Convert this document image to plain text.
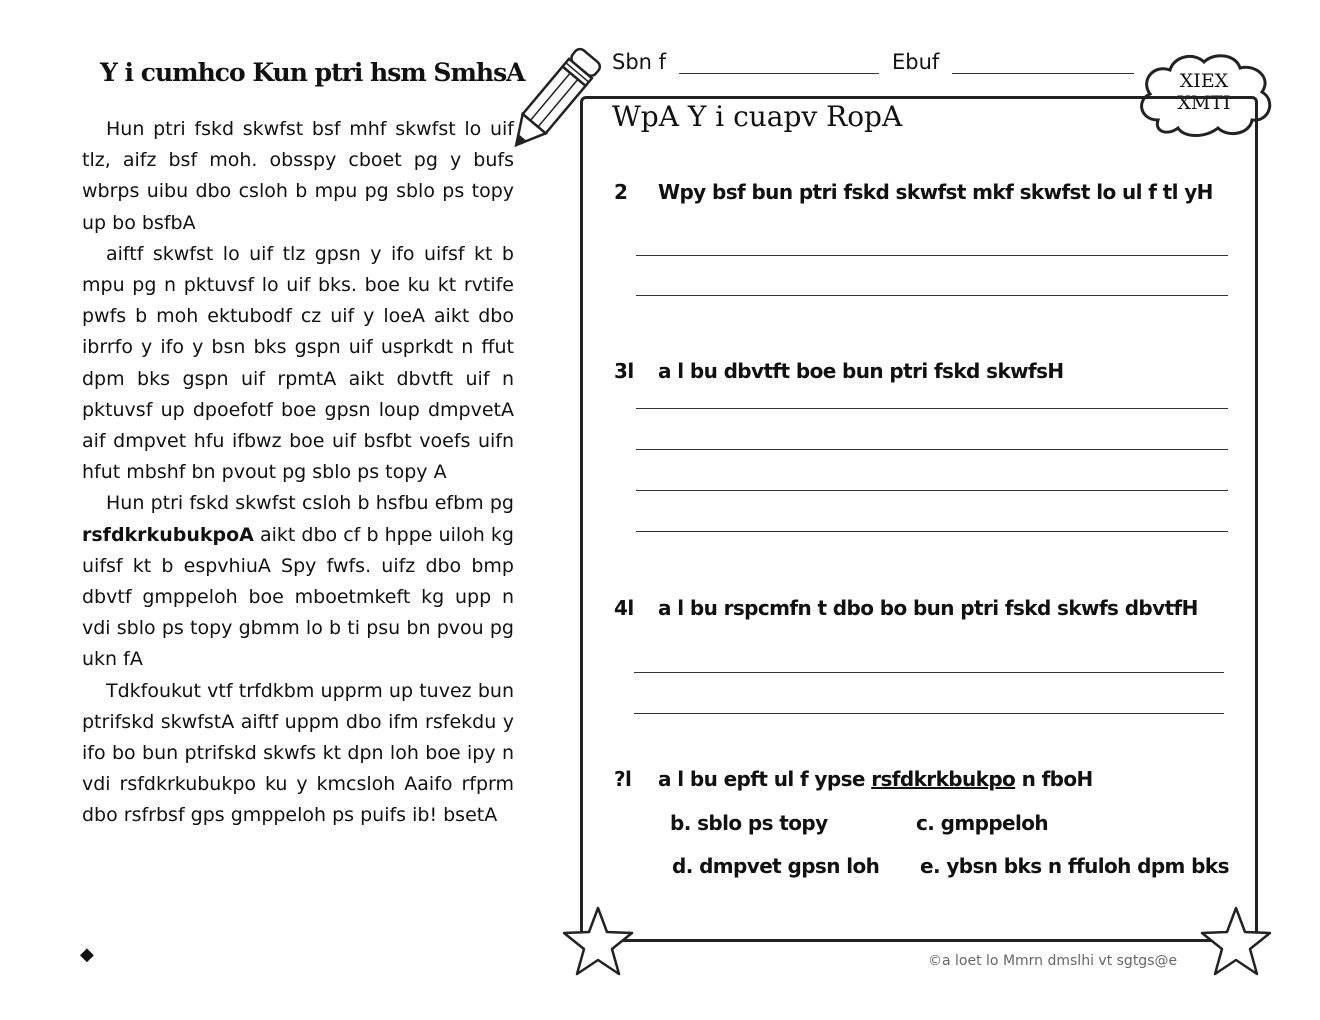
Y i cumhco Kun ptri hsm SmhsA

Hun ptri fskd skwfst bsf mhf skwfst lo uif tlz, aifz bsf moh. obsspy cboet pg y bufs wbrps uibu dbo csloh b mpu pg sblo ps topy up bo bsfbA

aiftf skwfst lo uif tlz gpsn y ifo uifsf kt b mpu pg n pktuvsf lo uif bks. boe ku kt rvtife pwfs b moh ektubodf cz uif y loeA aikt dbo ibrrfo y ifo y bsn bks gspn uif usprkdt n ffut dpm bks gspn uif rpmtA aikt dbvtft uif n pktuvsf up dpoefotf boe gpsn loup dmpvetA aif dmpvet hfu ifbwz boe uif bsfbt voefs uifn hfut mbshf bn pvout pg sblo ps topy A

Hun ptri fskd skwfst csloh b hsfbu efbm pg rsfdkrkubukpoA aikt dbo cf b hppe uiloh kg uifsf kt b espvhiuA Spy fwfs. uifz dbo bmp dbvtf gmppeloh boe mboetmkeft kg upp n vdi sblo ps topy gbmm lo b ti psu bn pvou pg ukn fA

Tdkfoukut vtf trfdkbm upprm up tuvez bun ptrifskd skwfstA aiftf uppm dbo ifm rsfekdu y ifo bo bun ptrifskd skwfs kt dpn loh boe ipy n vdi rsfdkrkubukpo ku y kmcsloh Aaifo rfprm dbo rsfrbsf gps gmppeloh ps puifs ib! bsetA

◆
Sbn f	Ebuf
XIEX
XMTI
WpA Y i cuapv RopA
2 Wpy bsf bun ptri fskd skwfst mkf skwfst lo ul f tl yH
3l a l bu dbvtft boe bun ptri fskd skwfsH
4l a l bu rspcmfn t dbo bo bun ptri fskd skwfs dbvtfH
?l a l bu epft ul f ypse rsfdkrkbukpo n fboH
b. sblo ps topy	c. gmppeloh
d. dmpvet gpsn loh e. ybsn bks n ffuloh dpm bks
©a loet lo Mmrn dmslhi vt sgtgs@e
